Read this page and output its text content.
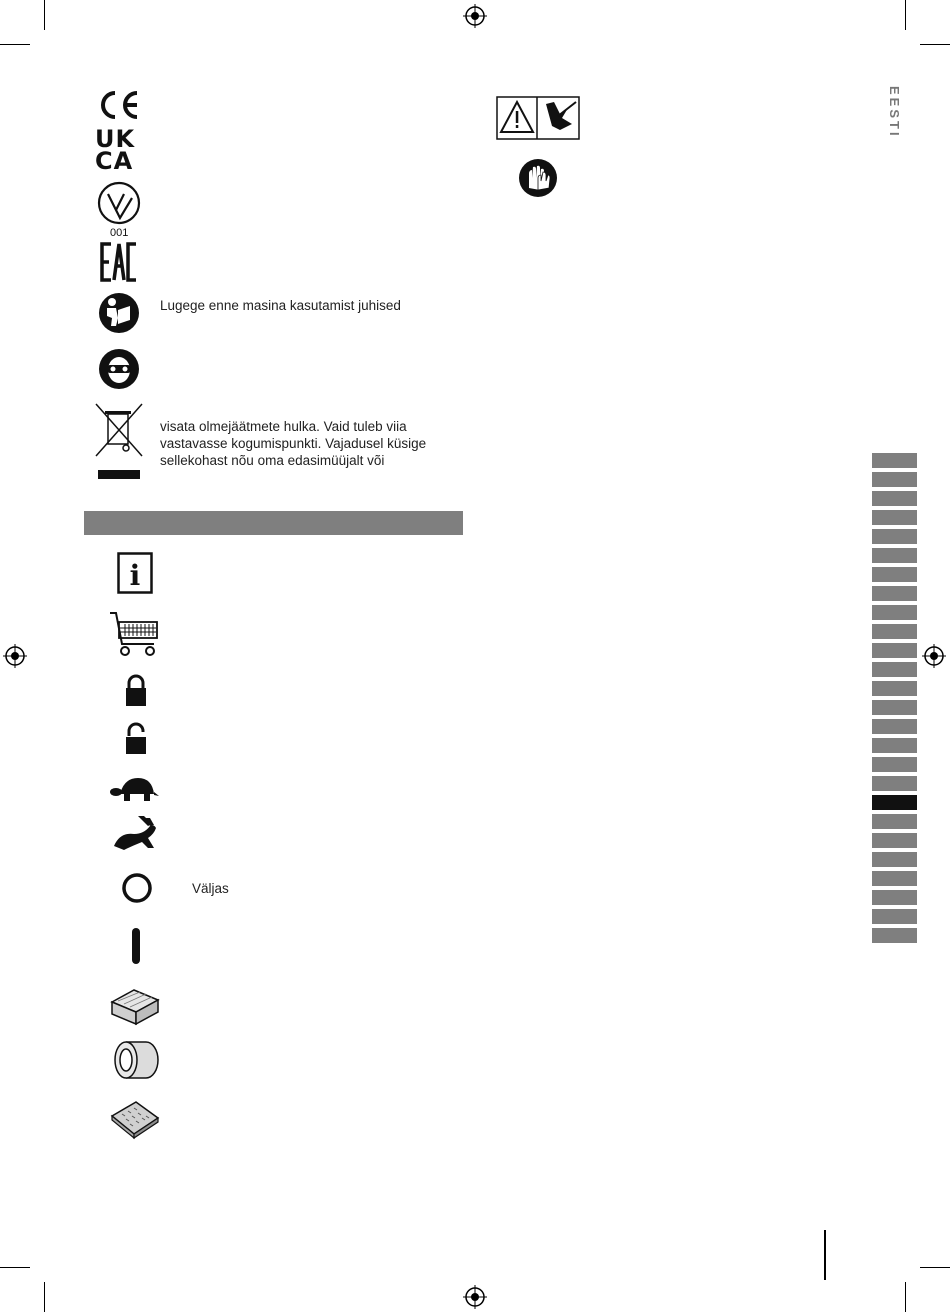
EESTI
UK
CA
001
Lugege enne masina kasutamist juhised
visata olmejäätmete hulka. Vaid tuleb viia
vastavasse kogumispunkti. Vajadusel küsige
sellekohast nõu oma edasimüüjalt või
i
Väljas
